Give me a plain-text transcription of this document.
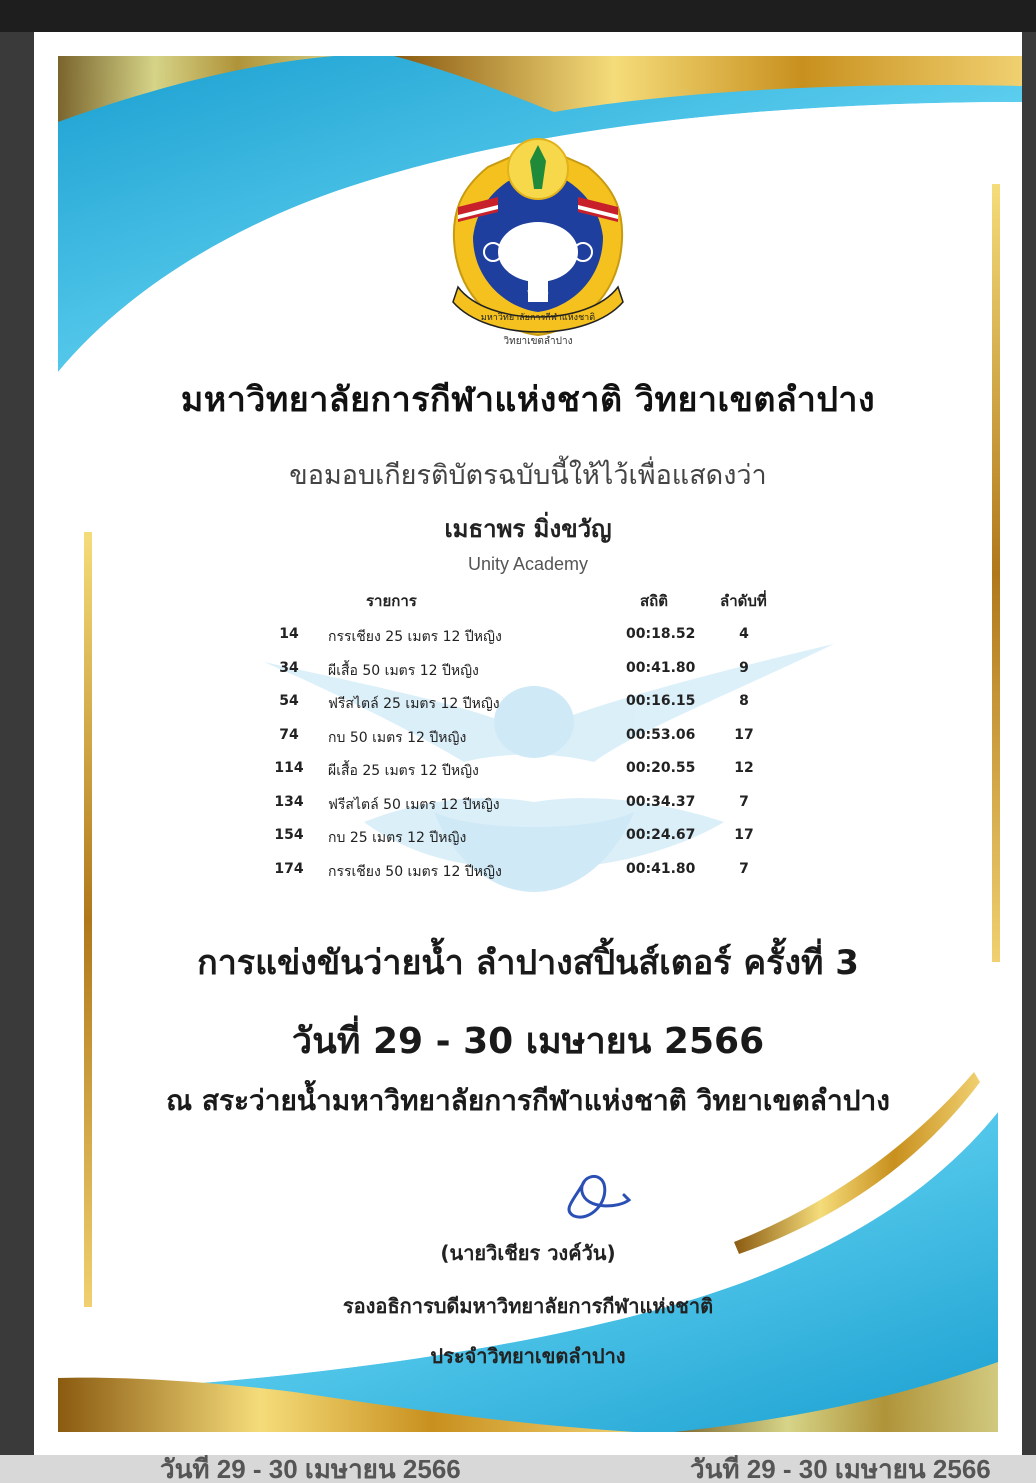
วันที่ 29 - 30 เมษายน 2566	วันที่ 29 - 30 เมษายน 2566
๒๕๓๑
มหาวิทยาลัยการกีฬาแห่งชาติ
วิทยาเขตลำปาง
มหาวิทยาลัยการกีฬาแห่งชาติ วิทยาเขตลำปาง
ขอมอบเกียรติบัตรฉบับนี้ให้ไว้เพื่อแสดงว่า
เมธาพร มิ่งขวัญ
Unity Academy
รายการ	สถิติ	ลำดับที่
14	กรรเชียง 25 เมตร 12 ปีหญิง	00:18.52	4
34	ผีเสื้อ 50 เมตร 12 ปีหญิง	00:41.80	9
54	ฟรีสไตล์ 25 เมตร 12 ปีหญิง	00:16.15	8
74	กบ 50 เมตร 12 ปีหญิง	00:53.06	17
114	ผีเสื้อ 25 เมตร 12 ปีหญิง	00:20.55	12
134	ฟรีสไตล์ 50 เมตร 12 ปีหญิง	00:34.37	7
154	กบ 25 เมตร 12 ปีหญิง	00:24.67	17
174	กรรเชียง 50 เมตร 12 ปีหญิง	00:41.80	7
การแข่งขันว่ายน้ำ ลำปางสปิ้นส์เตอร์ ครั้งที่ 3
วันที่ 29 - 30 เมษายน 2566
ณ สระว่ายน้ำมหาวิทยาลัยการกีฬาแห่งชาติ วิทยาเขตลำปาง
(นายวิเชียร วงค์วัน)
รองอธิการบดีมหาวิทยาลัยการกีฬาแห่งชาติ
ประจำวิทยาเขตลำปาง
